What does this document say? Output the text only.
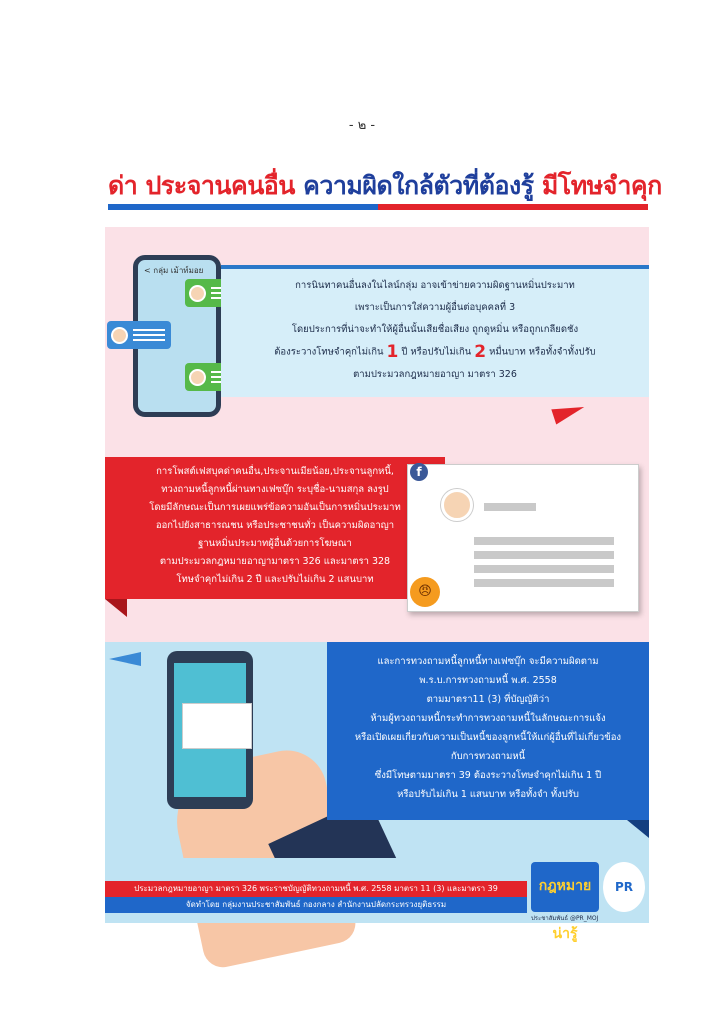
- ๒ -
ด่า ประจานคนอื่น ความผิดใกล้ตัวที่ต้องรู้ มีโทษจำคุก
< กลุ่ม เม้าท์มอย
การนินทาคนอื่นลงในไลน์กลุ่ม อาจเข้าข่ายความผิดฐานหมิ่นประมาท
เพราะเป็นการใส่ความผู้อื่นต่อบุคคลที่ 3
โดยประการที่น่าจะทำให้ผู้อื่นนั้นเสียชื่อเสียง ถูกดูหมิ่น หรือถูกเกลียดชัง
ต้องระวางโทษจำคุกไม่เกิน 1 ปี หรือปรับไม่เกิน 2 หมื่นบาท หรือทั้งจำทั้งปรับ
ตามประมวลกฎหมายอาญา มาตรา 326
การโพสต์เฟสบุคด่าคนอื่น,ประจานเมียน้อย,ประจานลูกหนี้,
ทวงถามหนี้ลูกหนี้ผ่านทางเฟซบุ๊ก ระบุชื่อ-นามสกุล ลงรูป
โดยมีลักษณะเป็นการเผยแพร่ข้อความอันเป็นการหมิ่นประมาท
ออกไปยังสาธารณชน หรือประชาชนทั่ว เป็นความผิดอาญา
ฐานหมิ่นประมาทผู้อื่นด้วยการโฆษณา
ตามประมวลกฎหมายอาญามาตรา 326 และมาตรา 328
โทษจำคุกไม่เกิน 2 ปี และปรับไม่เกิน 2 แสนบาท
f
😠
และการทวงถามหนี้ลูกหนี้ทางเฟซบุ๊ก จะมีความผิดตาม
พ.ร.บ.การทวงถามหนี้ พ.ศ. 2558
ตามมาตรา11 (3) ที่บัญญัติว่า
ห้ามผู้ทวงถามหนี้กระทำการทวงถามหนี้ในลักษณะการแจ้ง
หรือเปิดเผยเกี่ยวกับความเป็นหนี้ของลูกหนี้ให้แก่ผู้อื่นที่ไม่เกี่ยวข้อง
กับการทวงถามหนี้
ซึ่งมีโทษตามมาตรา 39 ต้องระวางโทษจำคุกไม่เกิน 1 ปี
หรือปรับไม่เกิน 1 แสนบาท หรือทั้งจำ ทั้งปรับ
ประมวลกฎหมายอาญา มาตรา 326 พระราชบัญญัติทวงถามหนี้ พ.ศ. 2558 มาตรา 11 (3) และมาตรา 39
จัดทำโดย กลุ่มงานประชาสัมพันธ์ กองกลาง สำนักงานปลัดกระทรวงยุติธรรม
กฎหมาย น่ารู้
PR
ประชาสัมพันธ์ @PR_MOJ
